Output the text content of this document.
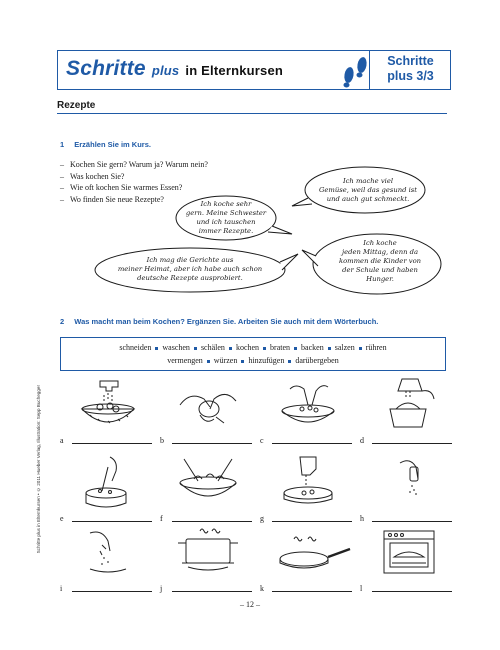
Schritte plus in Elternkursen
Schritte
plus 3/3
Rezepte
1 Erzählen Sie im Kurs.
– Kochen Sie gern? Warum ja? Warum nein?
– Was kochen Sie?
– Wie oft kochen Sie warmes Essen?
– Wo finden Sie neue Rezepte?
Ich koche sehr
gern. Meine Schwester
und ich tauschen
immer Rezepte.
Ich mache viel
Gemüse, weil das gesund ist
und auch gut schmeckt.
Ich mag die Gerichte aus
meiner Heimat, aber ich habe auch schon
deutsche Rezepte ausprobiert.
Ich koche
jeden Mittag, denn da
kommen die Kinder von
der Schule und haben
Hunger.
2 Was macht man beim Kochen? Ergänzen Sie. Arbeiten Sie auch mit dem Wörterbuch.
schneiden waschen schälen kochen braten backen salzen rühren
vermengen würzen hinzufügen darübergeben
a	b	c	d
e	f	g	h
i	j	k	l
Schritte plus in Elternkursen • © 2011 Hueber Verlag, Illustration: Sepp Buchegger
– 12 –
